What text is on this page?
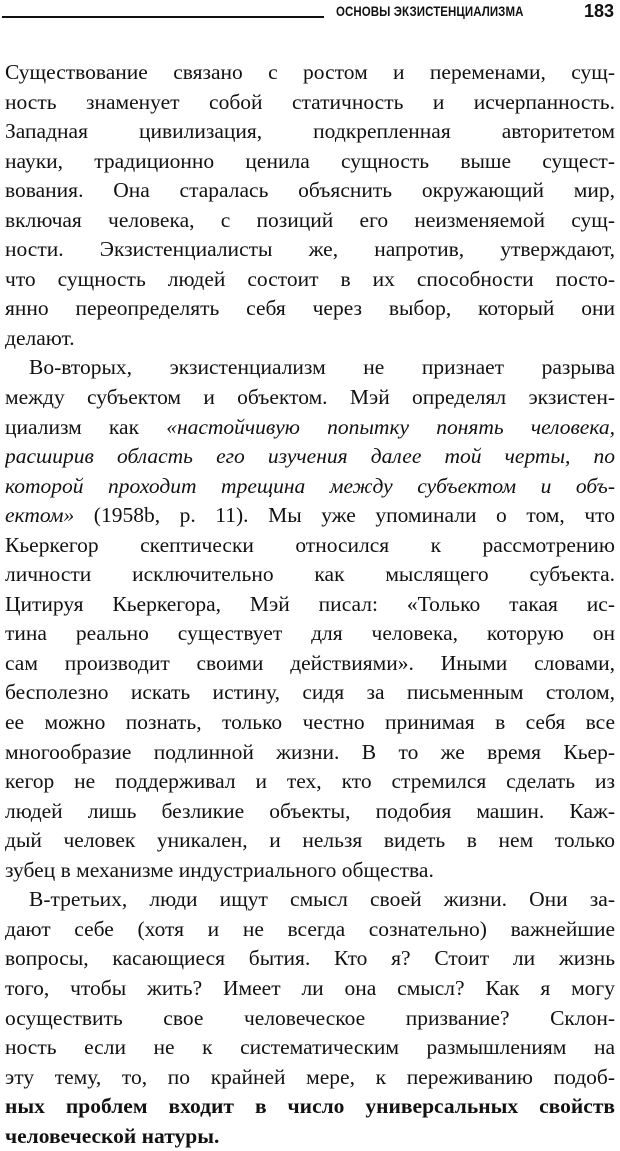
ОСНОВЫ ЭКЗИСТЕНЦИАЛИЗМА	183
Существование связано с ростом и переменами, сущ-
ность знаменует собой статичность и исчерпанность.
Западная цивилизация, подкрепленная авторитетом
науки, традиционно ценила сущность выше сущест-
вования. Она старалась объяснить окружающий мир,
включая человека, с позиций его неизменяемой сущ-
ности. Экзистенциалисты же, напротив, утверждают,
что сущность людей состоит в их способности посто-
янно переопределять себя через выбор, который они
делают.
Во-вторых, экзистенциализм не признает разрыва
между субъектом и объектом. Мэй определял экзистен-
циализм как «настойчивую попытку понять человека,
расширив область его изучения далее той черты, по
которой проходит трещина между субъектом и объ-
ектом» (1958b, р. 11). Мы уже упоминали о том, что
Кьеркегор скептически относился к рассмотрению
личности исключительно как мыслящего субъекта.
Цитируя Кьеркегора, Мэй писал: «Только такая ис-
тина реально существует для человека, которую он
сам производит своими действиями». Иными словами,
бесполезно искать истину, сидя за письменным столом,
ее можно познать, только честно принимая в себя все
многообразие подлинной жизни. В то же время Кьер-
кегор не поддерживал и тех, кто стремился сделать из
людей лишь безликие объекты, подобия машин. Каж-
дый человек уникален, и нельзя видеть в нем только
зубец в механизме индустриального общества.
В-третьих, люди ищут смысл своей жизни. Они за-
дают себе (хотя и не всегда сознательно) важнейшие
вопросы, касающиеся бытия. Кто я? Стоит ли жизнь
того, чтобы жить? Имеет ли она смысл? Как я могу
осуществить свое человеческое призвание? Склон-
ность если не к систематическим размышлениям на
эту тему, то, по крайней мере, к переживанию подоб-
ных проблем входит в число универсальных свойств
человеческой натуры.
